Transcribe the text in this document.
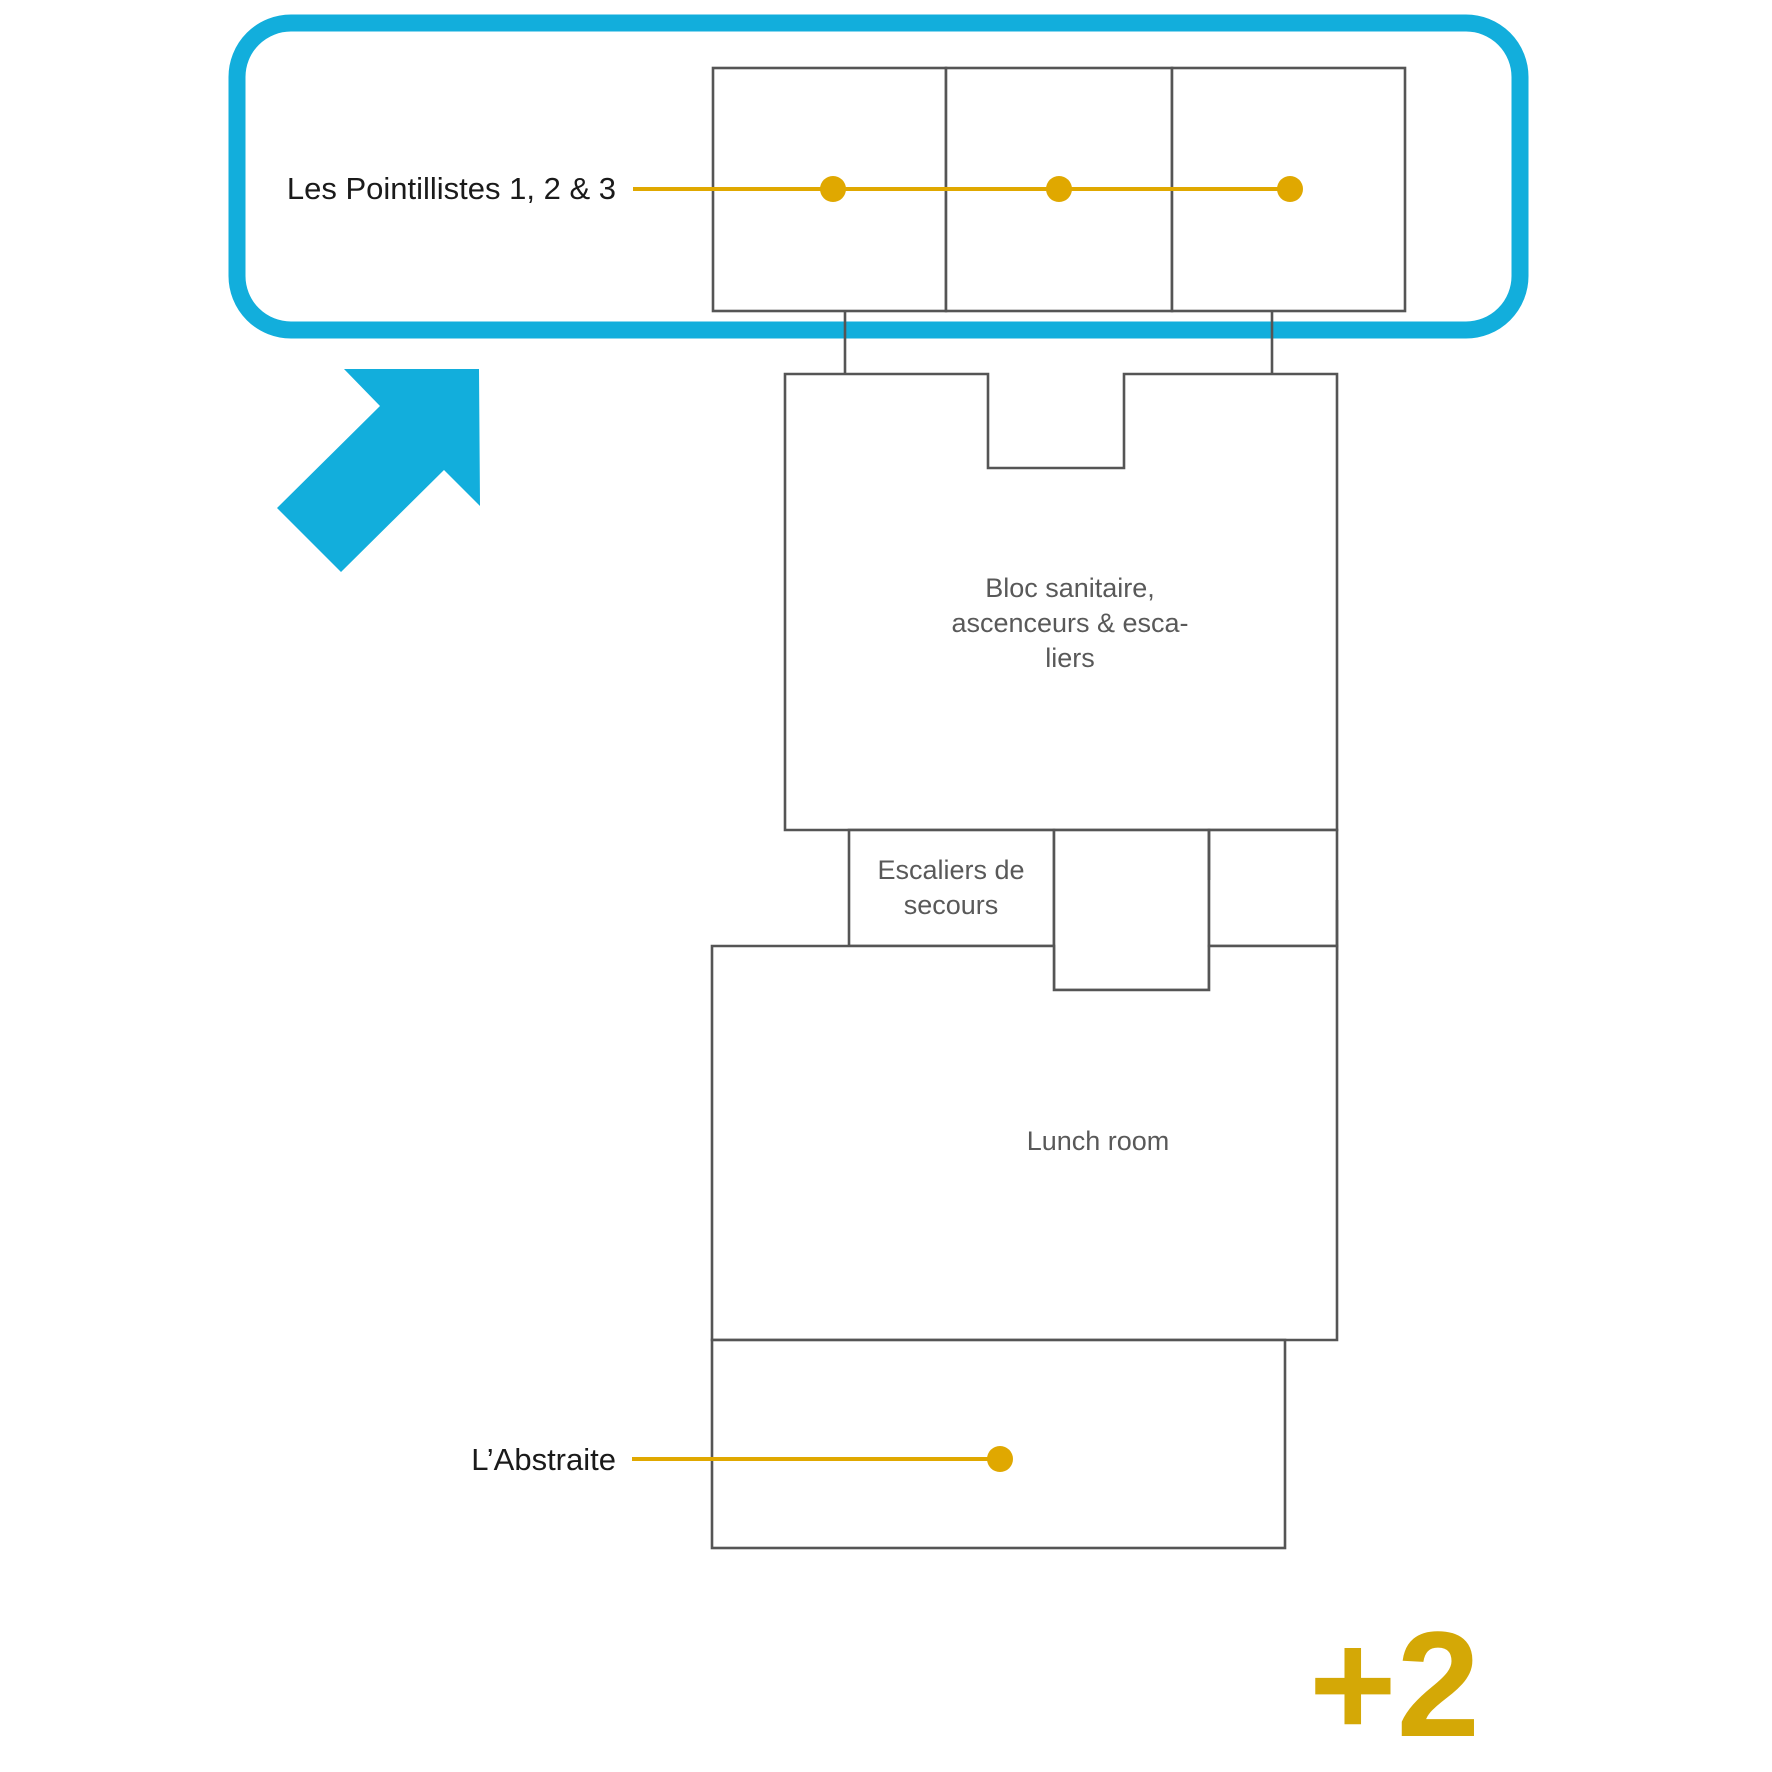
Les Pointillistes 1, 2 & 3
L’Abstraite
Bloc sanitaire,
ascenceurs & esca-
liers
Escaliers de
secours
Lunch room
+2
